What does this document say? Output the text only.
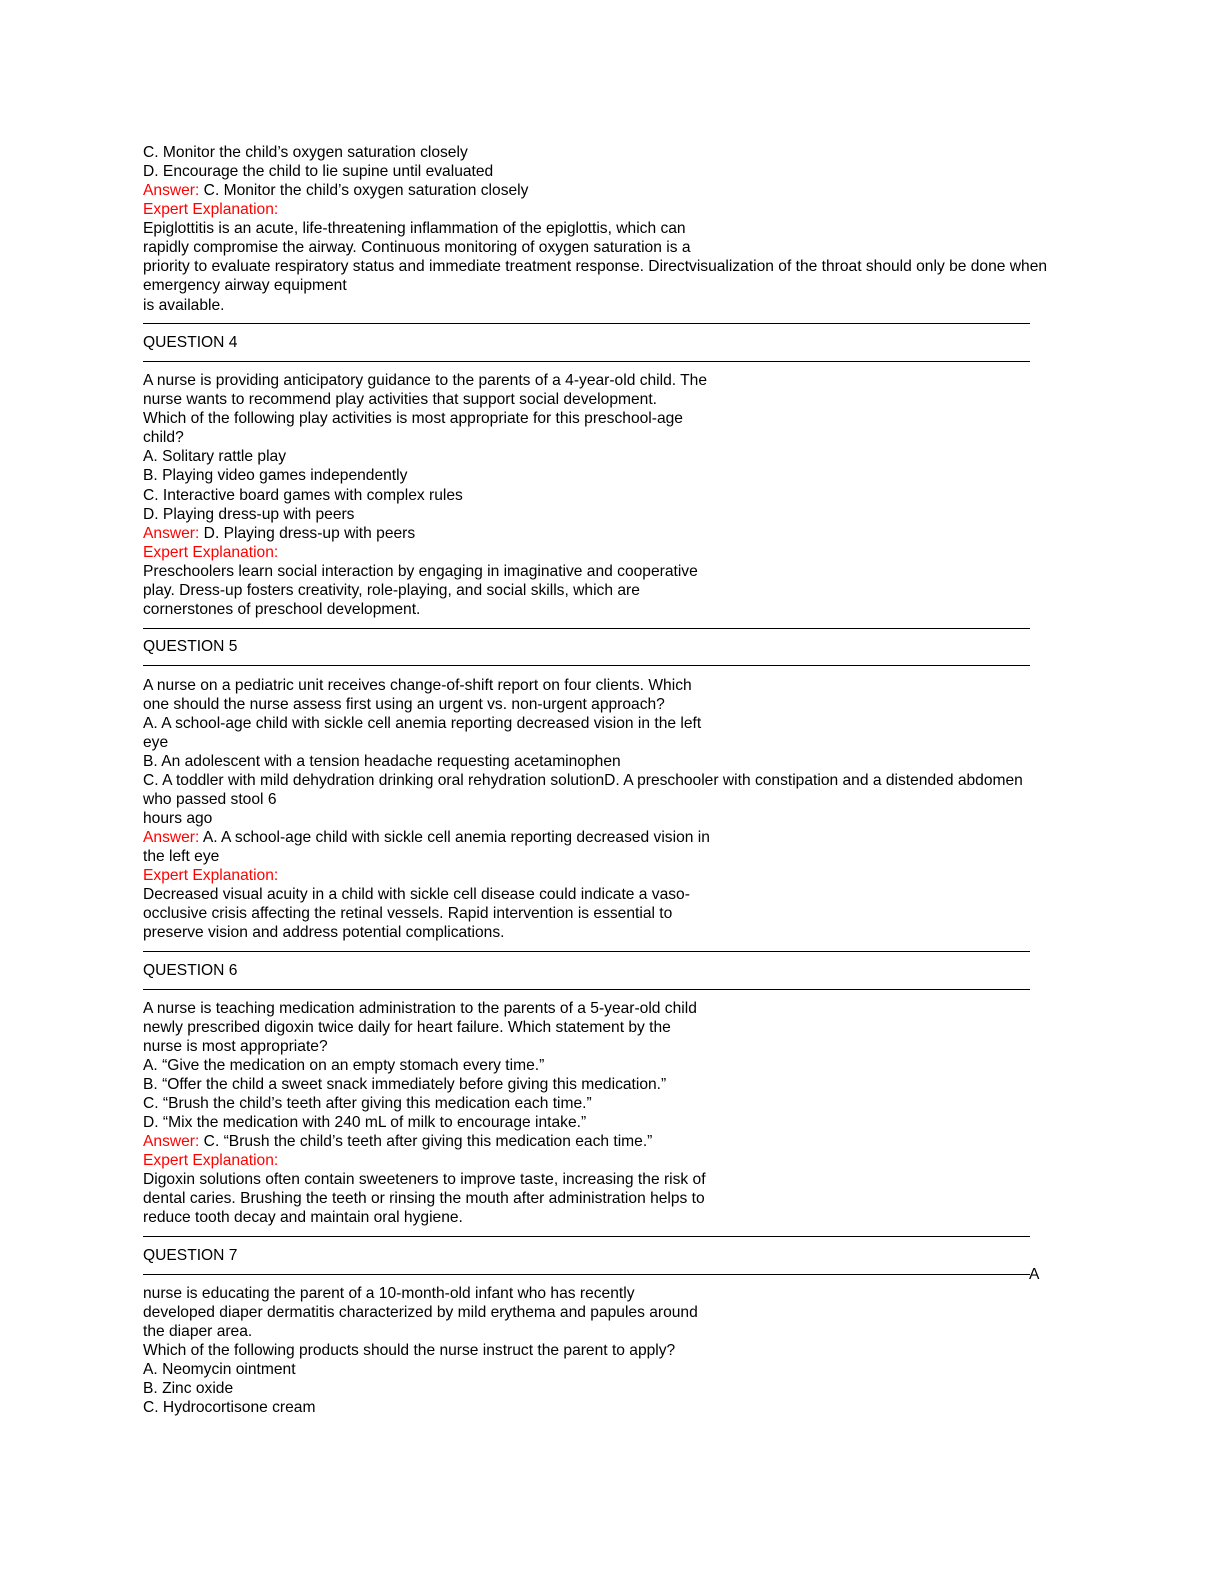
C. Monitor the child’s oxygen saturation closely
D. Encourage the child to lie supine until evaluated
Answer: C. Monitor the child’s oxygen saturation closely
Expert Explanation:
Epiglottitis is an acute, life-threatening inflammation of the epiglottis, which can
rapidly compromise the airway. Continuous monitoring of oxygen saturation is a
priority to evaluate respiratory status and immediate treatment response. Directvisualization of the throat should only be done when
emergency airway equipment
is available.
QUESTION 4
A nurse is providing anticipatory guidance to the parents of a 4-year-old child. The
nurse wants to recommend play activities that support social development.
Which of the following play activities is most appropriate for this preschool-age
child?
A. Solitary rattle play
B. Playing video games independently
C. Interactive board games with complex rules
D. Playing dress-up with peers
Answer: D. Playing dress-up with peers
Expert Explanation:
Preschoolers learn social interaction by engaging in imaginative and cooperative
play. Dress-up fosters creativity, role-playing, and social skills, which are
cornerstones of preschool development.
QUESTION 5
A nurse on a pediatric unit receives change-of-shift report on four clients. Which
one should the nurse assess first using an urgent vs. non-urgent approach?
A. A school-age child with sickle cell anemia reporting decreased vision in the left
eye
B. An adolescent with a tension headache requesting acetaminophen
C. A toddler with mild dehydration drinking oral rehydration solutionD. A preschooler with constipation and a distended abdomen
who passed stool 6
hours ago
Answer: A. A school-age child with sickle cell anemia reporting decreased vision in
the left eye
Expert Explanation:
Decreased visual acuity in a child with sickle cell disease could indicate a vaso-
occlusive crisis affecting the retinal vessels. Rapid intervention is essential to
preserve vision and address potential complications.
QUESTION 6
A nurse is teaching medication administration to the parents of a 5-year-old child
newly prescribed digoxin twice daily for heart failure. Which statement by the
nurse is most appropriate?
A. “Give the medication on an empty stomach every time.”
B. “Offer the child a sweet snack immediately before giving this medication.”
C. “Brush the child’s teeth after giving this medication each time.”
D. “Mix the medication with 240 mL of milk to encourage intake.”
Answer: C. “Brush the child’s teeth after giving this medication each time.”
Expert Explanation:
Digoxin solutions often contain sweeteners to improve taste, increasing the risk of
dental caries. Brushing the teeth or rinsing the mouth after administration helps to
reduce tooth decay and maintain oral hygiene.
QUESTION 7
A
nurse is educating the parent of a 10-month-old infant who has recently
developed diaper dermatitis characterized by mild erythema and papules around
the diaper area.
Which of the following products should the nurse instruct the parent to apply?
A. Neomycin ointment
B. Zinc oxide
C. Hydrocortisone cream
